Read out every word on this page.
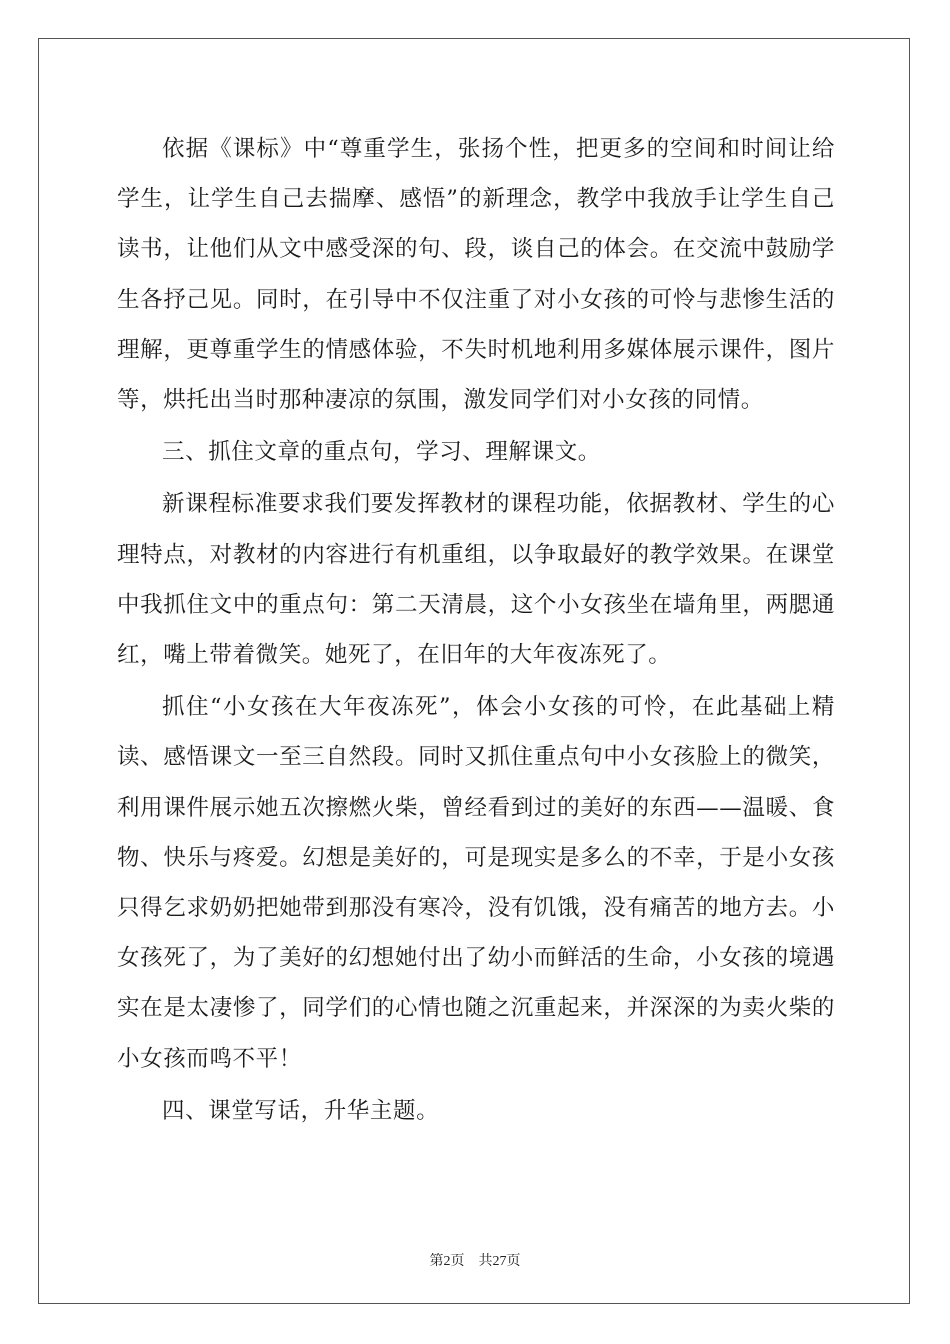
依据《课标》中“尊重学生，张扬个性，把更多的空间和时间让给学生，让学生自己去揣摩、感悟”的新理念，教学中我放手让学生自己读书，让他们从文中感受深的句、段，谈自己的体会。在交流中鼓励学生各抒己见。同时，在引导中不仅注重了对小女孩的可怜与悲惨生活的理解，更尊重学生的情感体验，不失时机地利用多媒体展示课件，图片等，烘托出当时那种凄凉的氛围，激发同学们对小女孩的同情。

三、抓住文章的重点句，学习、理解课文。

新课程标准要求我们要发挥教材的课程功能，依据教材、学生的心理特点，对教材的内容进行有机重组，以争取最好的教学效果。在课堂中我抓住文中的重点句：第二天清晨，这个小女孩坐在墙角里，两腮通红，嘴上带着微笑。她死了，在旧年的大年夜冻死了。

抓住“小女孩在大年夜冻死”，体会小女孩的可怜，在此基础上精读、感悟课文一至三自然段。同时又抓住重点句中小女孩脸上的微笑，利用课件展示她五次擦燃火柴，曾经看到过的美好的东西——温暖、食物、快乐与疼爱。幻想是美好的，可是现实是多么的不幸，于是小女孩只得乞求奶奶把她带到那没有寒冷，没有饥饿，没有痛苦的地方去。小女孩死了，为了美好的幻想她付出了幼小而鲜活的生命，小女孩的境遇实在是太凄惨了，同学们的心情也随之沉重起来，并深深的为卖火柴的小女孩而鸣不平！

四、课堂写话，升华主题。

第2页 共27页
